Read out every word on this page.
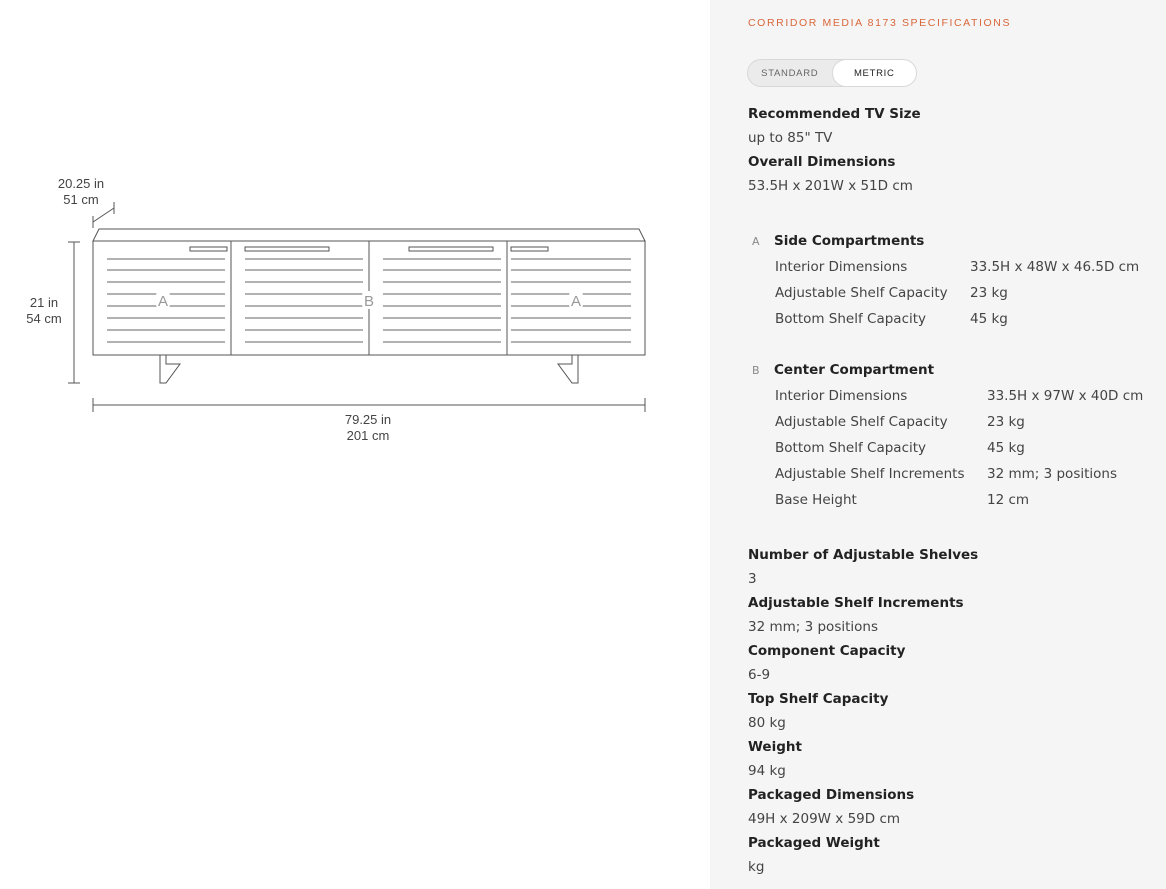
A	B	A
20.25 in
51 cm
21 in
54 cm
79.25 in
201 cm
CORRIDOR MEDIA 8173 SPECIFICATIONS
STANDARD	METRIC
Recommended TV Size
up to 85" TV
Overall Dimensions
53.5H x 201W x 51D cm
A	Side Compartments
Interior Dimensions	33.5H x 48W x 46.5D cm
Adjustable Shelf Capacity	23 kg
Bottom Shelf Capacity	45 kg
B	Center Compartment
Interior Dimensions	33.5H x 97W x 40D cm
Adjustable Shelf Capacity	23 kg
Bottom Shelf Capacity	45 kg
Adjustable Shelf Increments	32 mm; 3 positions
Base Height	12 cm
Number of Adjustable Shelves
3
Adjustable Shelf Increments
32 mm; 3 positions
Component Capacity
6-9
Top Shelf Capacity
80 kg
Weight
94 kg
Packaged Dimensions
49H x 209W x 59D cm
Packaged Weight
kg
